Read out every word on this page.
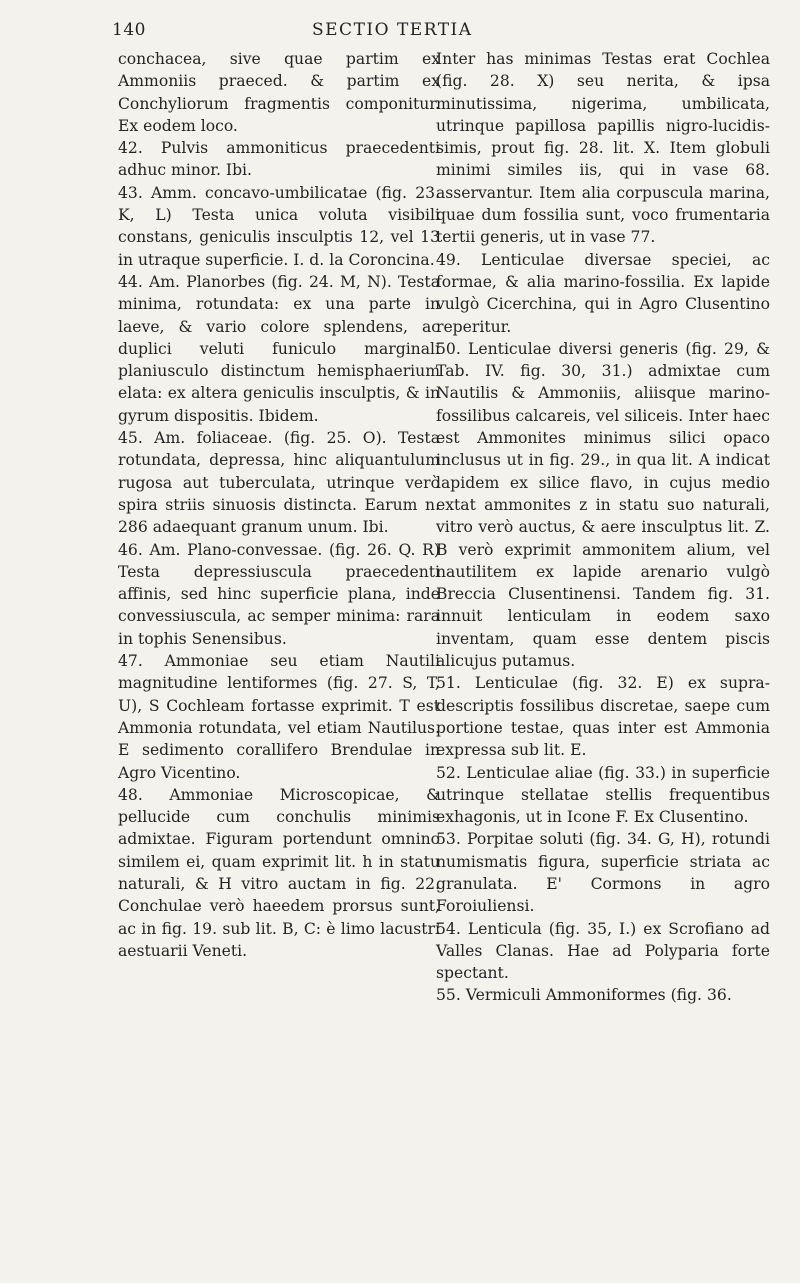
140	SECTIO TERTIA

conchacea, sive quae partim ex Ammoniis praeced. & partim ex Conchyliorum fragmentis componitur. Ex eodem loco.

42. Pulvis ammoniticus praecedenti adhuc minor. Ibi.

43. Amm. concavo-umbilicatae (fig. 23. K, L) Testa unica voluta visibili constans, geniculis insculptis 12, vel 13 in utraque superficie. I. d. la Coroncina.

44. Am. Planorbes (fig. 24. M, N). Testa minima, rotundata: ex una parte in laeve, & vario colore splendens, ac duplici veluti funiculo marginali planiusculo distinctum hemisphaerium elata: ex altera geniculis insculptis, & in gyrum dispositis. Ibidem.

45. Am. foliaceae. (fig. 25. O). Testa rotundata, depressa, hinc aliquantulum rugosa aut tuberculata, utrinque verò spira striis sinuosis distincta. Earum n. 286 adaequant granum unum. Ibi.

46. Am. Plano-convessae. (fig. 26. Q. R) Testa depressiuscula praecedenti affinis, sed hinc superficie plana, inde convessiuscula, ac semper minima: rara in tophis Senensibus.

47. Ammoniae seu etiam Nautili magnitudine lentiformes (fig. 27. S, T, U), S Cochleam fortasse exprimit. T est Ammonia rotundata, vel etiam Nautilus. E sedimento corallifero Brendulae in Agro Vicentino.

48. Ammoniae Microscopicae, & pellucide cum conchulis minimis admixtae. Figuram portendunt omnino similem ei, quam exprimit lit. h in statu naturali, & H vitro auctam in fig. 22. Conchulae verò haeedem prorsus sunt, ac in fig. 19. sub lit. B, C: è limo lacustri aestuarii Veneti.

Inter has minimas Testas erat Cochlea (fig. 28. X) seu nerita, & ipsa minutissima, nigerima, umbilicata, utrinque papillosa papillis nigro-lucidis-simis, prout fig. 28. lit. X. Item globuli minimi similes iis, qui in vase 68. asservantur. Item alia corpuscula marina, quae dum fossilia sunt, voco frumentaria tertii generis, ut in vase 77.

49. Lenticulae diversae speciei, ac formae, & alia marino-fossilia. Ex lapide vulgò Cicerchina, qui in Agro Clusentino reperitur.

50. Lenticulae diversi generis (fig. 29, & Tab. IV. fig. 30, 31.) admixtae cum Nautilis & Ammoniis, aliisque marino-fossilibus calcareis, vel siliceis. Inter haec est Ammonites minimus silici opaco inclusus ut in fig. 29., in qua lit. A indicat lapidem ex silice flavo, in cujus medio extat ammonites z in statu suo naturali, vitro verò auctus, & aere insculptus lit. Z. B verò exprimit ammonitem alium, vel nautilitem ex lapide arenario vulgò Breccia Clusentinensi. Tandem fig. 31. innuit lenticulam in eodem saxo inventam, quam esse dentem piscis alicujus putamus.

51. Lenticulae (fig. 32. E) ex supra-descriptis fossilibus discretae, saepe cum portione testae, quas inter est Ammonia expressa sub lit. E.

52. Lenticulae aliae (fig. 33.) in superficie utrinque stellatae stellis frequentibus exhagonis, ut in Icone F. Ex Clusentino.

53. Porpitae soluti (fig. 34. G, H), rotundi numismatis figura, superficie striata ac granulata. E' Cormons in agro Foroiuliensi.

54. Lenticula (fig. 35, I.) ex Scrofiano ad Valles Clanas. Hae ad Polyparia forte spectant.

55. Vermiculi Ammoniformes (fig. 36.
